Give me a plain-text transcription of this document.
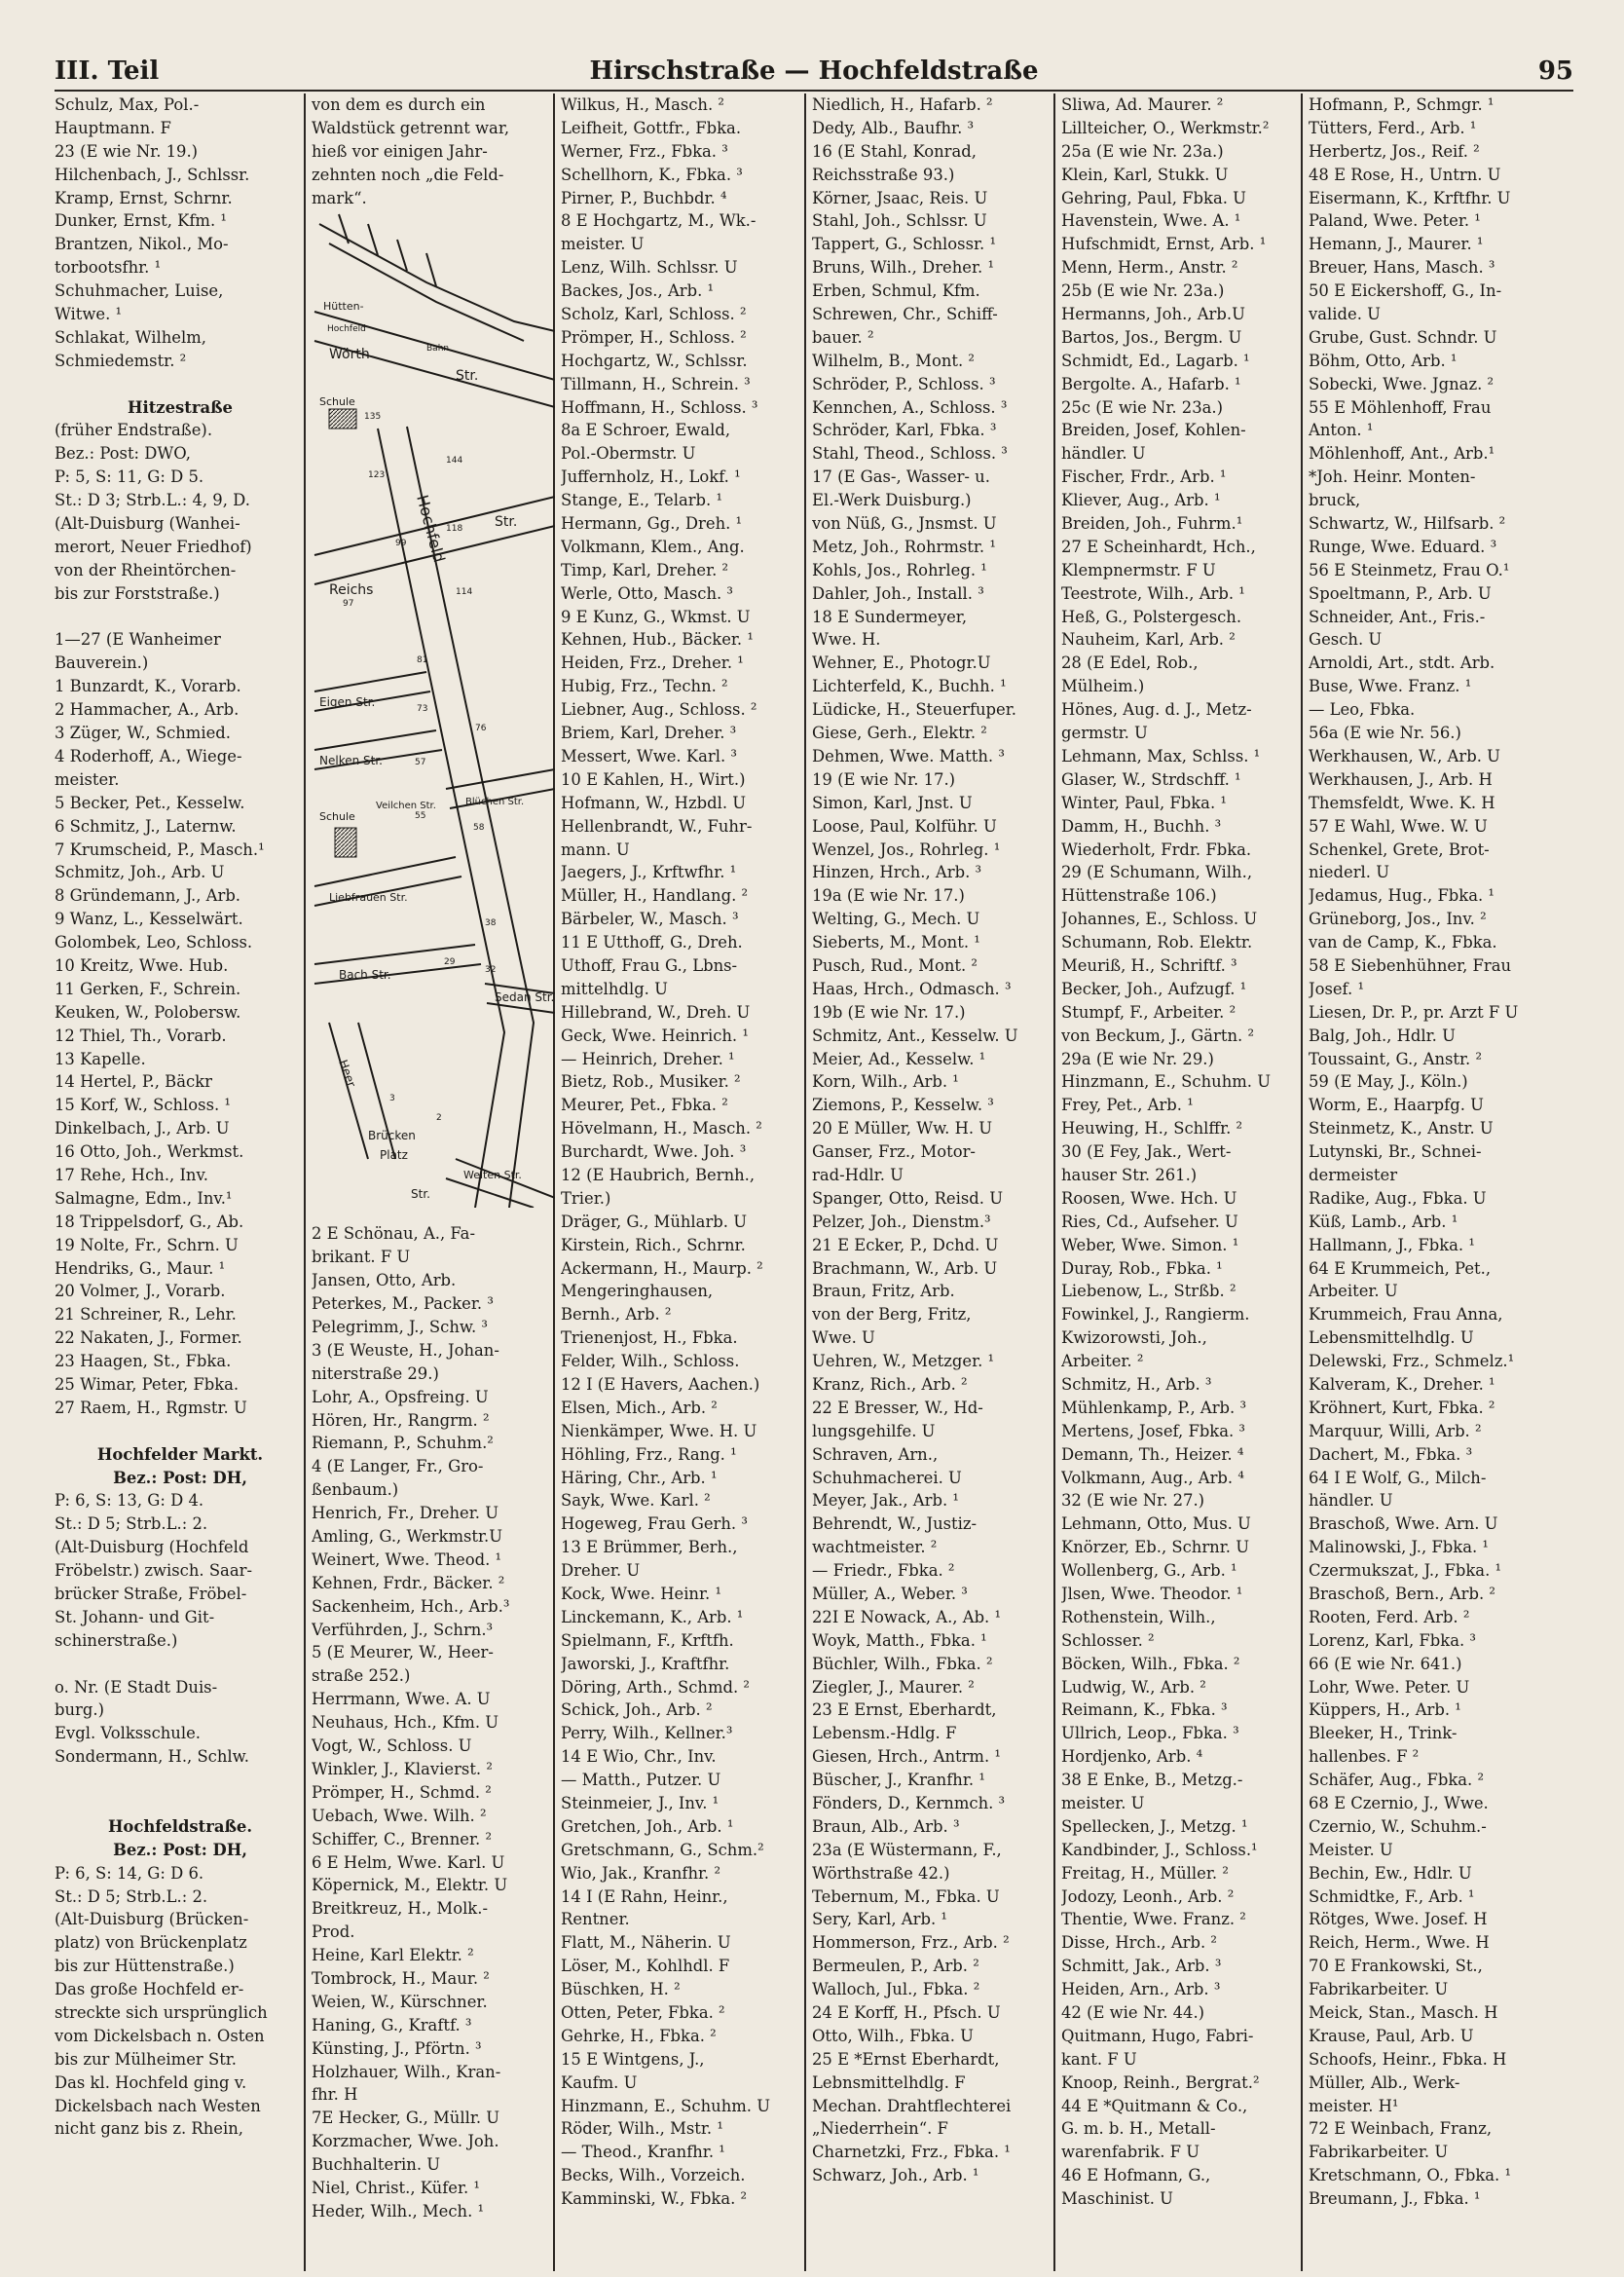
III. Teil	Hirschstraße — Hochfeldstraße	95
Schulz, Max, Pol.-
Hauptmann. F
23 (E wie Nr. 19.)
Hilchenbach, J., Schlssr.
Kramp, Ernst, Schrnr.
Dunker, Ernst, Kfm. ¹
Brantzen, Nikol., Mo-
torbootsfhr. ¹
Schuhmacher, Luise,
Witwe. ¹
Schlakat, Wilhelm,
Schmiedemstr. ²
Hitzestraße
(früher Endstraße).
Bez.: Post: DWO,
P: 5, S: 11, G: D 5.
St.: D 3; Strb.L.: 4, 9, D.
(Alt-Duisburg (Wanhei-
merort, Neuer Friedhof)
von der Rheintörchen-
bis zur Forststraße.)
1—27 (E Wanheimer
Bauverein.)
1 Bunzardt, K., Vorarb.
2 Hammacher, A., Arb.
3 Züger, W., Schmied.
4 Roderhoff, A., Wiege-
meister.
5 Becker, Pet., Kesselw.
6 Schmitz, J., Laternw.
7 Krumscheid, P., Masch.¹
Schmitz, Joh., Arb. U
8 Gründemann, J., Arb.
9 Wanz, L., Kesselwärt.
Golombek, Leo, Schloss.
10 Kreitz, Wwe. Hub.
11 Gerken, F., Schrein.
Keuken, W., Polobersw.
12 Thiel, Th., Vorarb.
13 Kapelle.
14 Hertel, P., Bäckr
15 Korf, W., Schloss. ¹
Dinkelbach, J., Arb. U
16 Otto, Joh., Werkmst.
17 Rehe, Hch., Inv.
Salmagne, Edm., Inv.¹
18 Trippelsdorf, G., Ab.
19 Nolte, Fr., Schrn. U
Hendriks, G., Maur. ¹
20 Volmer, J., Vorarb.
21 Schreiner, R., Lehr.
22 Nakaten, J., Former.
23 Haagen, St., Fbka.
25 Wimar, Peter, Fbka.
27 Raem, H., Rgmstr. U
Hochfelder Markt.
Bez.: Post: DH,
P: 6, S: 13, G: D 4.
St.: D 5; Strb.L.: 2.
(Alt-Duisburg (Hochfeld
Fröbelstr.) zwisch. Saar-
brücker Straße, Fröbel-
St. Johann- und Git-
schinerstraße.)
o. Nr. (E Stadt Duis-
burg.)
Evgl. Volksschule.
Sondermann, H., Schlw.
Hochfeldstraße.
Bez.: Post: DH,
P: 6, S: 14, G: D 6.
St.: D 5; Strb.L.: 2.
(Alt-Duisburg (Brücken-
platz) von Brückenplatz
bis zur Hüttenstraße.)
Das große Hochfeld er-
streckte sich ursprünglich
vom Dickelsbach n. Osten
bis zur Mülheimer Str.
Das kl. Hochfeld ging v.
Dickelsbach nach Westen
nicht ganz bis z. Rhein,
von dem es durch ein
Waldstück getrennt war,
hieß vor einigen Jahr-
zehnten noch „die Feld-
mark“.
2 E Schönau, A., Fa-
brikant. F U
Jansen, Otto, Arb.
Peterkes, M., Packer. ³
Pelegrimm, J., Schw. ³
3 (E Weuste, H., Johan-
niterstraße 29.)
Lohr, A., Opsfreing. U
Hören, Hr., Rangrm. ²
Riemann, P., Schuhm.²
4 (E Langer, Fr., Gro-
ßenbaum.)
Henrich, Fr., Dreher. U
Amling, G., Werkmstr.U
Weinert, Wwe. Theod. ¹
Kehnen, Frdr., Bäcker. ²
Sackenheim, Hch., Arb.³
Verführden, J., Schrn.³
5 (E Meurer, W., Heer-
straße 252.)
Herrmann, Wwe. A. U
Neuhaus, Hch., Kfm. U
Vogt, W., Schloss. U
Winkler, J., Klavierst. ²
Prömper, H., Schmd. ²
Uebach, Wwe. Wilh. ²
Schiffer, C., Brenner. ²
6 E Helm, Wwe. Karl. U
Köpernick, M., Elektr. U
Breitkreuz, H., Molk.-
Prod.
Heine, Karl Elektr. ²
Tombrock, H., Maur. ²
Weien, W., Kürschner.
Haning, G., Kraftf. ³
Künsting, J., Pförtn. ³
Holzhauer, Wilh., Kran-
fhr. H
7E Hecker, G., Müllr. U
Korzmacher, Wwe. Joh.
Buchhalterin. U
Niel, Christ., Küfer. ¹
Heder, Wilh., Mech. ¹
Wilkus, H., Masch. ²
Leifheit, Gottfr., Fbka.
Werner, Frz., Fbka. ³
Schellhorn, K., Fbka. ³
Pirner, P., Buchbdr. ⁴
8 E Hochgartz, M., Wk.-
meister. U
Lenz, Wilh. Schlssr. U
Backes, Jos., Arb. ¹
Scholz, Karl, Schloss. ²
Prömper, H., Schloss. ²
Hochgartz, W., Schlssr.
Tillmann, H., Schrein. ³
Hoffmann, H., Schloss. ³
8a E Schroer, Ewald,
Pol.-Obermstr. U
Juffernholz, H., Lokf. ¹
Stange, E., Telarb. ¹
Hermann, Gg., Dreh. ¹
Volkmann, Klem., Ang.
Timp, Karl, Dreher. ²
Werle, Otto, Masch. ³
9 E Kunz, G., Wkmst. U
Kehnen, Hub., Bäcker. ¹
Heiden, Frz., Dreher. ¹
Hubig, Frz., Techn. ²
Liebner, Aug., Schloss. ²
Briem, Karl, Dreher. ³
Messert, Wwe. Karl. ³
10 E Kahlen, H., Wirt.)
Hofmann, W., Hzbdl. U
Hellenbrandt, W., Fuhr-
mann. U
Jaegers, J., Krftwfhr. ¹
Müller, H., Handlang. ²
Bärbeler, W., Masch. ³
11 E Utthoff, G., Dreh.
Uthoff, Frau G., Lbns-
mittelhdlg. U
Hillebrand, W., Dreh. U
Geck, Wwe. Heinrich. ¹
— Heinrich, Dreher. ¹
Bietz, Rob., Musiker. ²
Meurer, Pet., Fbka. ²
Hövelmann, H., Masch. ²
Burchardt, Wwe. Joh. ³
12 (E Haubrich, Bernh.,
Trier.)
Dräger, G., Mühlarb. U
Kirstein, Rich., Schrnr.
Ackermann, H., Maurp. ²
Mengeringhausen,
Bernh., Arb. ²
Trienenjost, H., Fbka.
Felder, Wilh., Schloss.
12 I (E Havers, Aachen.)
Elsen, Mich., Arb. ²
Nienkämper, Wwe. H. U
Höhling, Frz., Rang. ¹
Häring, Chr., Arb. ¹
Sayk, Wwe. Karl. ²
Hogeweg, Frau Gerh. ³
13 E Brümmer, Berh.,
Dreher. U
Kock, Wwe. Heinr. ¹
Linckemann, K., Arb. ¹
Spielmann, F., Krftfh.
Jaworski, J., Kraftfhr.
Döring, Arth., Schmd. ²
Schick, Joh., Arb. ²
Perry, Wilh., Kellner.³
14 E Wio, Chr., Inv.
— Matth., Putzer. U
Steinmeier, J., Inv. ¹
Gretchen, Joh., Arb. ¹
Gretschmann, G., Schm.²
Wio, Jak., Kranfhr. ²
14 I (E Rahn, Heinr.,
Rentner.
Flatt, M., Näherin. U
Löser, M., Kohlhdl. F
Büschken, H. ²
Otten, Peter, Fbka. ²
Gehrke, H., Fbka. ²
15 E Wintgens, J.,
Kaufm. U
Hinzmann, E., Schuhm. U
Röder, Wilh., Mstr. ¹
— Theod., Kranfhr. ¹
Becks, Wilh., Vorzeich.
Kamminski, W., Fbka. ²
Niedlich, H., Hafarb. ²
Dedy, Alb., Baufhr. ³
16 (E Stahl, Konrad,
Reichsstraße 93.)
Körner, Jsaac, Reis. U
Stahl, Joh., Schlssr. U
Tappert, G., Schlossr. ¹
Bruns, Wilh., Dreher. ¹
Erben, Schmul, Kfm.
Schrewen, Chr., Schiff-
bauer. ²
Wilhelm, B., Mont. ²
Schröder, P., Schloss. ³
Kennchen, A., Schloss. ³
Schröder, Karl, Fbka. ³
Stahl, Theod., Schloss. ³
17 (E Gas-, Wasser- u.
El.-Werk Duisburg.)
von Nüß, G., Jnsmst. U
Metz, Joh., Rohrmstr. ¹
Kohls, Jos., Rohrleg. ¹
Dahler, Joh., Install. ³
18 E Sundermeyer,
Wwe. H.
Wehner, E., Photogr.U
Lichterfeld, K., Buchh. ¹
Lüdicke, H., Steuerfuper.
Giese, Gerh., Elektr. ²
Dehmen, Wwe. Matth. ³
19 (E wie Nr. 17.)
Simon, Karl, Jnst. U
Loose, Paul, Kolführ. U
Wenzel, Jos., Rohrleg. ¹
Hinzen, Hrch., Arb. ³
19a (E wie Nr. 17.)
Welting, G., Mech. U
Sieberts, M., Mont. ¹
Pusch, Rud., Mont. ²
Haas, Hrch., Odmasch. ³
19b (E wie Nr. 17.)
Schmitz, Ant., Kesselw. U
Meier, Ad., Kesselw. ¹
Korn, Wilh., Arb. ¹
Ziemons, P., Kesselw. ³
20 E Müller, Ww. H. U
Ganser, Frz., Motor-
rad-Hdlr. U
Spanger, Otto, Reisd. U
Pelzer, Joh., Dienstm.³
21 E Ecker, P., Dchd. U
Brachmann, W., Arb. U
Braun, Fritz, Arb.
von der Berg, Fritz,
Wwe. U
Uehren, W., Metzger. ¹
Kranz, Rich., Arb. ²
22 E Bresser, W., Hd-
lungsgehilfe. U
Schraven, Arn.,
Schuhmacherei. U
Meyer, Jak., Arb. ¹
Behrendt, W., Justiz-
wachtmeister. ²
— Friedr., Fbka. ²
Müller, A., Weber. ³
22I E Nowack, A., Ab. ¹
Woyk, Matth., Fbka. ¹
Büchler, Wilh., Fbka. ²
Ziegler, J., Maurer. ²
23 E Ernst, Eberhardt,
Lebensm.-Hdlg. F
Giesen, Hrch., Antrm. ¹
Büscher, J., Kranfhr. ¹
Fönders, D., Kernmch. ³
Braun, Alb., Arb. ³
23a (E Wüstermann, F.,
Wörthstraße 42.)
Tebernum, M., Fbka. U
Sery, Karl, Arb. ¹
Hommerson, Frz., Arb. ²
Bermeulen, P., Arb. ²
Walloch, Jul., Fbka. ²
24 E Korff, H., Pfsch. U
Otto, Wilh., Fbka. U
25 E *Ernst Eberhardt,
Lebnsmittelhdlg. F
Mechan. Drahtflechterei
„Niederrhein“. F
Charnetzki, Frz., Fbka. ¹
Schwarz, Joh., Arb. ¹
Sliwa, Ad. Maurer. ²
Lillteicher, O., Werkmstr.²
25a (E wie Nr. 23a.)
Klein, Karl, Stukk. U
Gehring, Paul, Fbka. U
Havenstein, Wwe. A. ¹
Hufschmidt, Ernst, Arb. ¹
Menn, Herm., Anstr. ²
25b (E wie Nr. 23a.)
Hermanns, Joh., Arb.U
Bartos, Jos., Bergm. U
Schmidt, Ed., Lagarb. ¹
Bergolte. A., Hafarb. ¹
25c (E wie Nr. 23a.)
Breiden, Josef, Kohlen-
händler. U
Fischer, Frdr., Arb. ¹
Kliever, Aug., Arb. ¹
Breiden, Joh., Fuhrm.¹
27 E Scheinhardt, Hch.,
Klempnermstr. F U
Teestrote, Wilh., Arb. ¹
Heß, G., Polstergesch.
Nauheim, Karl, Arb. ²
28 (E Edel, Rob.,
Mülheim.)
Hönes, Aug. d. J., Metz-
germstr. U
Lehmann, Max, Schlss. ¹
Glaser, W., Strdschff. ¹
Winter, Paul, Fbka. ¹
Damm, H., Buchh. ³
Wiederholt, Frdr. Fbka.
29 (E Schumann, Wilh.,
Hüttenstraße 106.)
Johannes, E., Schloss. U
Schumann, Rob. Elektr.
Meuriß, H., Schriftf. ³
Becker, Joh., Aufzugf. ¹
Stumpf, F., Arbeiter. ²
von Beckum, J., Gärtn. ²
29a (E wie Nr. 29.)
Hinzmann, E., Schuhm. U
Frey, Pet., Arb. ¹
Heuwing, H., Schlffr. ²
30 (E Fey, Jak., Wert-
hauser Str. 261.)
Roosen, Wwe. Hch. U
Ries, Cd., Aufseher. U
Weber, Wwe. Simon. ¹
Duray, Rob., Fbka. ¹
Liebenow, L., Strßb. ²
Fowinkel, J., Rangierm.
Kwizorowsti, Joh.,
Arbeiter. ²
Schmitz, H., Arb. ³
Mühlenkamp, P., Arb. ³
Mertens, Josef, Fbka. ³
Demann, Th., Heizer. ⁴
Volkmann, Aug., Arb. ⁴
32 (E wie Nr. 27.)
Lehmann, Otto, Mus. U
Knörzer, Eb., Schrnr. U
Wollenberg, G., Arb. ¹
Jlsen, Wwe. Theodor. ¹
Rothenstein, Wilh.,
Schlosser. ²
Böcken, Wilh., Fbka. ²
Ludwig, W., Arb. ²
Reimann, K., Fbka. ³
Ullrich, Leop., Fbka. ³
Hordjenko, Arb. ⁴
38 E Enke, B., Metzg.-
meister. U
Spellecken, J., Metzg. ¹
Kandbinder, J., Schloss.¹
Freitag, H., Müller. ²
Jodozy, Leonh., Arb. ²
Thentie, Wwe. Franz. ²
Disse, Hrch., Arb. ²
Schmitt, Jak., Arb. ³
Heiden, Arn., Arb. ³
42 (E wie Nr. 44.)
Quitmann, Hugo, Fabri-
kant. F U
Knoop, Reinh., Bergrat.²
44 E *Quitmann & Co.,
G. m. b. H., Metall-
warenfabrik. F U
46 E Hofmann, G.,
Maschinist. U
Hofmann, P., Schmgr. ¹
Tütters, Ferd., Arb. ¹
Herbertz, Jos., Reif. ²
48 E Rose, H., Untrn. U
Eisermann, K., Krftfhr. U
Paland, Wwe. Peter. ¹
Hemann, J., Maurer. ¹
Breuer, Hans, Masch. ³
50 E Eickershoff, G., In-
valide. U
Grube, Gust. Schndr. U
Böhm, Otto, Arb. ¹
Sobecki, Wwe. Jgnaz. ²
55 E Möhlenhoff, Frau
Anton. ¹
Möhlenhoff, Ant., Arb.¹
*Joh. Heinr. Monten-
bruck,
Schwartz, W., Hilfsarb. ²
Runge, Wwe. Eduard. ³
56 E Steinmetz, Frau O.¹
Spoeltmann, P., Arb. U
Schneider, Ant., Fris.-
Gesch. U
Arnoldi, Art., stdt. Arb.
Buse, Wwe. Franz. ¹
— Leo, Fbka.
56a (E wie Nr. 56.)
Werkhausen, W., Arb. U
Werkhausen, J., Arb. H
Themsfeldt, Wwe. K. H
57 E Wahl, Wwe. W. U
Schenkel, Grete, Brot-
niederl. U
Jedamus, Hug., Fbka. ¹
Grüneborg, Jos., Inv. ²
van de Camp, K., Fbka.
58 E Siebenhühner, Frau
Josef. ¹
Liesen, Dr. P., pr. Arzt F U
Balg, Joh., Hdlr. U
Toussaint, G., Anstr. ²
59 (E May, J., Köln.)
Worm, E., Haarpfg. U
Steinmetz, K., Anstr. U
Lutynski, Br., Schnei-
dermeister
Radike, Aug., Fbka. U
Küß, Lamb., Arb. ¹
Hallmann, J., Fbka. ¹
64 E Krummeich, Pet.,
Arbeiter. U
Krummeich, Frau Anna,
Lebensmittelhdlg. U
Delewski, Frz., Schmelz.¹
Kalveram, K., Dreher. ¹
Kröhnert, Kurt, Fbka. ²
Marquur, Willi, Arb. ²
Dachert, M., Fbka. ³
64 I E Wolf, G., Milch-
händler. U
Braschoß, Wwe. Arn. U
Malinowski, J., Fbka. ¹
Czermukszat, J., Fbka. ¹
Braschoß, Bern., Arb. ²
Rooten, Ferd. Arb. ²
Lorenz, Karl, Fbka. ³
66 (E wie Nr. 641.)
Lohr, Wwe. Peter. U
Küppers, H., Arb. ¹
Bleeker, H., Trink-
hallenbes. F ²
Schäfer, Aug., Fbka. ²
68 E Czernio, J., Wwe.
Czernio, W., Schuhm.-
Meister. U
Bechin, Ew., Hdlr. U
Schmidtke, F., Arb. ¹
Rötges, Wwe. Josef. H
Reich, Herm., Wwe. H
70 E Frankowski, St.,
Fabrikarbeiter. U
Meick, Stan., Masch. H
Krause, Paul, Arb. U
Schoofs, Heinr., Fbka. H
Müller, Alb., Werk-
meister. H¹
72 E Weinbach, Franz,
Fabrikarbeiter. U
Kretschmann, O., Fbka. ¹
Breumann, J., Fbka. ¹
Hütten-
Hochfeld
Bahn
Wörth
Str.
Schule
135
144
123
Hochfeld
118
99
Reichs
Str.
97
114
81
Eigen Str.	73
76
Nelken Str.	57
Veilchen Str.	Blüchen Str.
Schule	55
58
Liebfrauen Str.
38
Bach Str.
29
32
Sedan Str.
Heer
3
2
Brücken
Platz
Weiten Str.
Str.
